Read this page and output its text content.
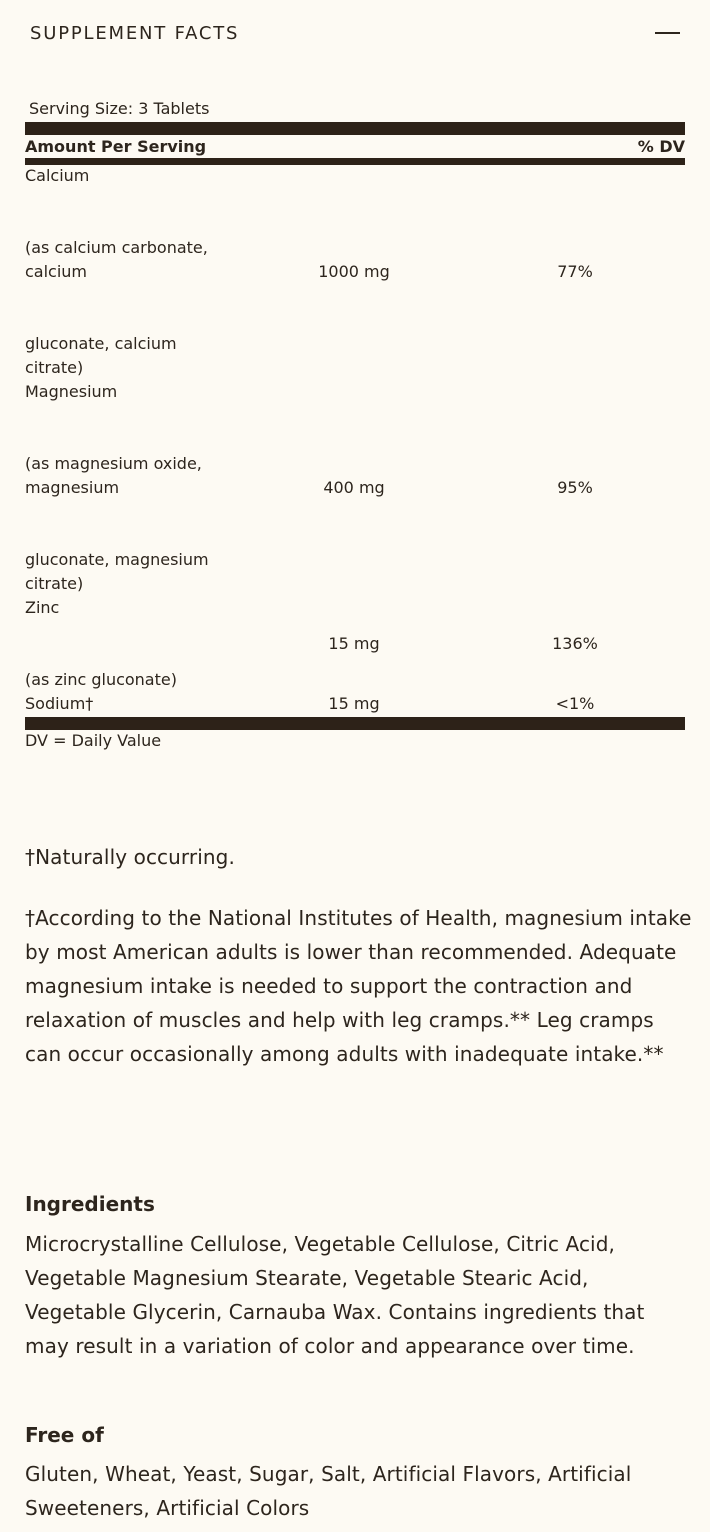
SUPPLEMENT FACTS
Serving Size: 3 Tablets
Amount Per Serving	% DV
Calcium
(as calcium carbonate,
calcium	1000 mg	77%
gluconate, calcium
citrate)
Magnesium
(as magnesium oxide,
magnesium	400 mg	95%
gluconate, magnesium
citrate)
Zinc
15 mg	136%
(as zinc gluconate)
Sodium†	15 mg	<1%
DV = Daily Value
†Naturally occurring.
†According to the National Institutes of Health, magnesium intake by most American adults is lower than recommended. Adequate magnesium intake is needed to support the contraction and relaxation of muscles and help with leg cramps.** Leg cramps can occur occasionally among adults with inadequate intake.**
Ingredients
Microcrystalline Cellulose, Vegetable Cellulose, Citric Acid, Vegetable Magnesium Stearate, Vegetable Stearic Acid, Vegetable Glycerin, Carnauba Wax. Contains ingredients that may result in a variation of color and appearance over time.
Free of
Gluten, Wheat, Yeast, Sugar, Salt, Artificial Flavors, Artificial Sweeteners, Artificial Colors
